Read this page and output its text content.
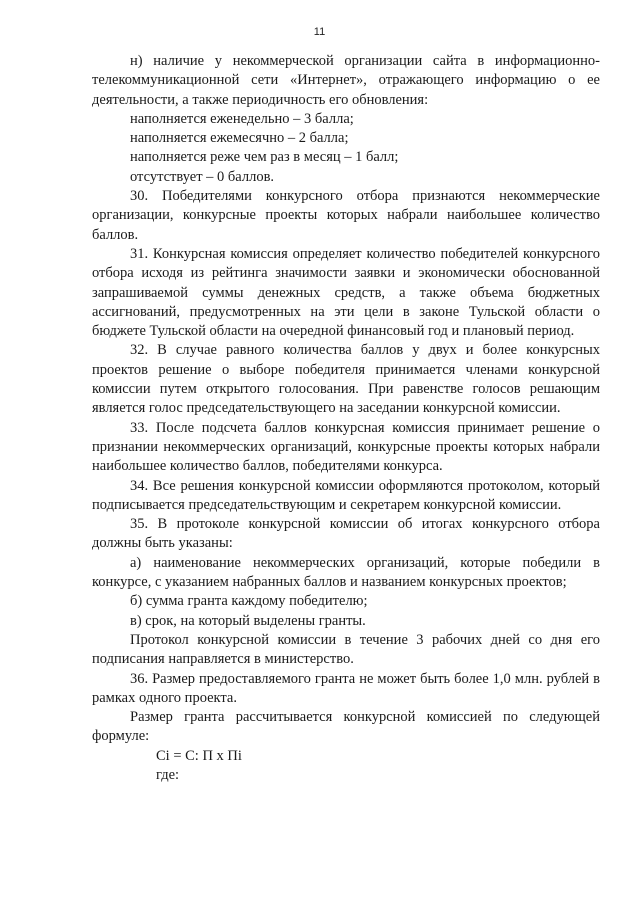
11

н) наличие у некоммерческой организации сайта в информационно-телекоммуникационной сети «Интернет», отражающего информацию о ее деятельности, а также периодичность его обновления:

наполняется еженедельно – 3 балла;

наполняется ежемесячно – 2 балла;

наполняется реже чем раз в месяц – 1 балл;

отсутствует – 0 баллов.

30. Победителями конкурсного отбора признаются некоммерческие организации, конкурсные проекты которых набрали наибольшее количество баллов.

31. Конкурсная комиссия определяет количество победителей конкурсного отбора исходя из рейтинга значимости заявки и экономически обоснованной запрашиваемой суммы денежных средств, а также объема бюджетных ассигнований, предусмотренных на эти цели в законе Тульской области о бюджете Тульской области на очередной финансовый год и плановый период.

32. В случае равного количества баллов у двух и более конкурсных проектов решение о выборе победителя принимается членами конкурсной комиссии путем открытого голосования. При равенстве голосов решающим является голос председательствующего на заседании конкурсной комиссии.

33. После подсчета баллов конкурсная комиссия принимает решение о признании некоммерческих организаций, конкурсные проекты которых набрали наибольшее количество баллов, победителями конкурса.

34. Все решения конкурсной комиссии оформляются протоколом, который подписывается председательствующим и секретарем конкурсной комиссии.

35. В протоколе конкурсной комиссии об итогах конкурсного отбора должны быть указаны:

а) наименование некоммерческих организаций, которые победили в конкурсе, с указанием набранных баллов и названием конкурсных проектов;

б) сумма гранта каждому победителю;

в) срок, на который выделены гранты.

Протокол конкурсной комиссии в течение 3 рабочих дней со дня его подписания направляется в министерство.

36. Размер предоставляемого гранта не может быть более 1,0 млн. рублей в рамках одного проекта.

Размер гранта рассчитывается конкурсной комиссией по следующей формуле:

Ci = С: П х Пi

где:
